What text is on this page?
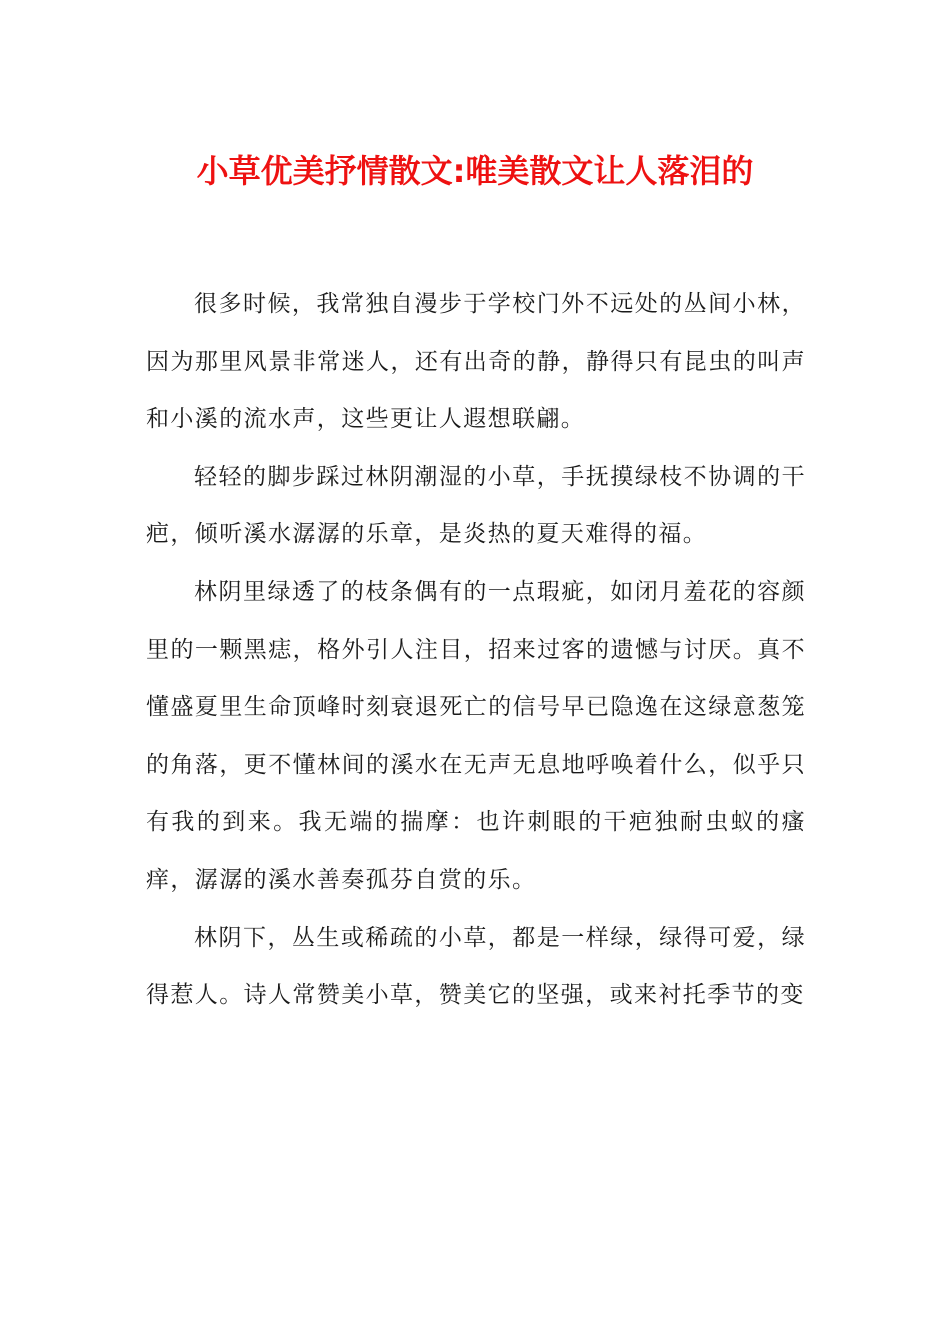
小草优美抒情散文:唯美散文让人落泪的

很多时候，我常独自漫步于学校门外不远处的丛间小林，因为那里风景非常迷人，还有出奇的静，静得只有昆虫的叫声和小溪的流水声，这些更让人遐想联翩。

轻轻的脚步踩过林阴潮湿的小草，手抚摸绿枝不协调的干疤，倾听溪水潺潺的乐章，是炎热的夏天难得的福。

林阴里绿透了的枝条偶有的一点瑕疵，如闭月羞花的容颜里的一颗黑痣，格外引人注目，招来过客的遗憾与讨厌。真不懂盛夏里生命顶峰时刻衰退死亡的信号早已隐逸在这绿意葱笼的角落，更不懂林间的溪水在无声无息地呼唤着什么，似乎只有我的到来。我无端的揣摩：也许刺眼的干疤独耐虫蚁的瘙痒，潺潺的溪水善奏孤芬自赏的乐。

林阴下，丛生或稀疏的小草，都是一样绿，绿得可爱，绿得惹人。诗人常赞美小草，赞美它的坚强，或来衬托季节的变
